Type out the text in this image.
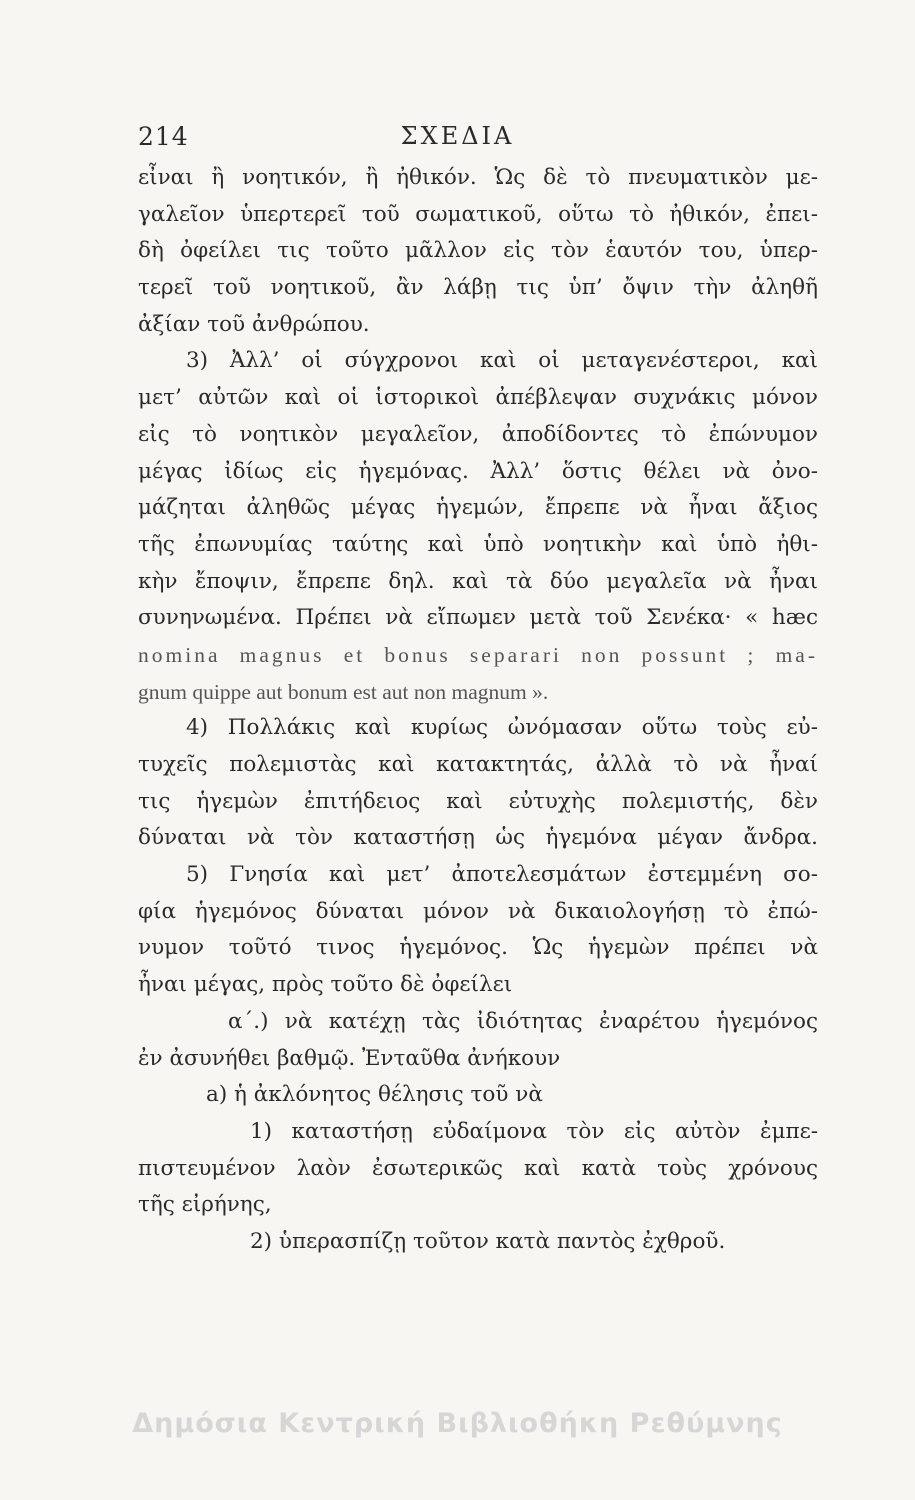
214	ΣΧΕΔΙΑ
εἶναι ἢ νοητικόν, ἢ ἠθικόν. Ὡς δὲ τὸ πνευματικὸν με-
γαλεῖον ὑπερτερεῖ τοῦ σωματικοῦ, οὕτω τὸ ἠθικόν, ἐπει-
δὴ ὀφείλει τις τοῦτο μᾶλλον εἰς τὸν ἑαυτόν του, ὑπερ-
τερεῖ τοῦ νοητικοῦ, ἂν λάβῃ τις ὑπ’ ὄψιν τὴν ἀληθῆ
ἀξίαν τοῦ ἀνθρώπου.
3) Ἀλλ’ οἱ σύγχρονοι καὶ οἱ μεταγενέστεροι, καὶ
μετ’ αὐτῶν καὶ οἱ ἱστορικοὶ ἀπέβλεψαν συχνάκις μόνον
εἰς τὸ νοητικὸν μεγαλεῖον, ἀποδίδοντες τὸ ἐπώνυμον
μέγας ἰδίως εἰς ἡγεμόνας. Ἀλλ’ ὅστις θέλει νὰ ὀνο-
μάζηται ἀληθῶς μέγας ἡγεμών, ἔπρεπε νὰ ἦναι ἄξιος
τῆς ἐπωνυμίας ταύτης καὶ ὑπὸ νοητικὴν καὶ ὑπὸ ἠθι-
κὴν ἔποψιν, ἔπρεπε δηλ. καὶ τὰ δύο μεγαλεῖα νὰ ἦναι
συνηνωμένα. Πρέπει νὰ εἴπωμεν μετὰ τοῦ Σενέκα· « hæc
nomina magnus et bonus separari non possunt ; ma-
gnum quippe aut bonum est aut non magnum ».
4) Πολλάκις καὶ κυρίως ὠνόμασαν οὕτω τοὺς εὐ-
τυχεῖς πολεμιστὰς καὶ κατακτητάς, ἀλλὰ τὸ νὰ ἦναί
τις ἡγεμὼν ἐπιτήδειος καὶ εὐτυχὴς πολεμιστής, δὲν
δύναται νὰ τὸν καταστήσῃ ὡς ἡγεμόνα μέγαν ἄνδρα.
5) Γνησία καὶ μετ’ ἀποτελεσμάτων ἐστεμμένη σο-
φία ἡγεμόνος δύναται μόνον νὰ δικαιολογήσῃ τὸ ἐπώ-
νυμον τοῦτό τινος ἡγεμόνος. Ὡς ἡγεμὼν πρέπει νὰ
ἦναι μέγας, πρὸς τοῦτο δὲ ὀφείλει
α΄.) νὰ κατέχῃ τὰς ἰδιότητας ἐναρέτου ἡγεμόνος
ἐν ἀσυνήθει βαθμῷ. Ἐνταῦθα ἀνήκουν
a) ἡ ἀκλόνητος θέλησις τοῦ νὰ
1) καταστήσῃ εὐδαίμονα τὸν εἰς αὐτὸν ἐμπε-
πιστευμένον λαὸν ἐσωτερικῶς καὶ κατὰ τοὺς χρόνους
τῆς εἰρήνης,
2) ὑπερασπίζῃ τοῦτον κατὰ παντὸς ἐχθροῦ.
Δημόσια Κεντρική Βιβλιοθήκη Ρεθύμνης
